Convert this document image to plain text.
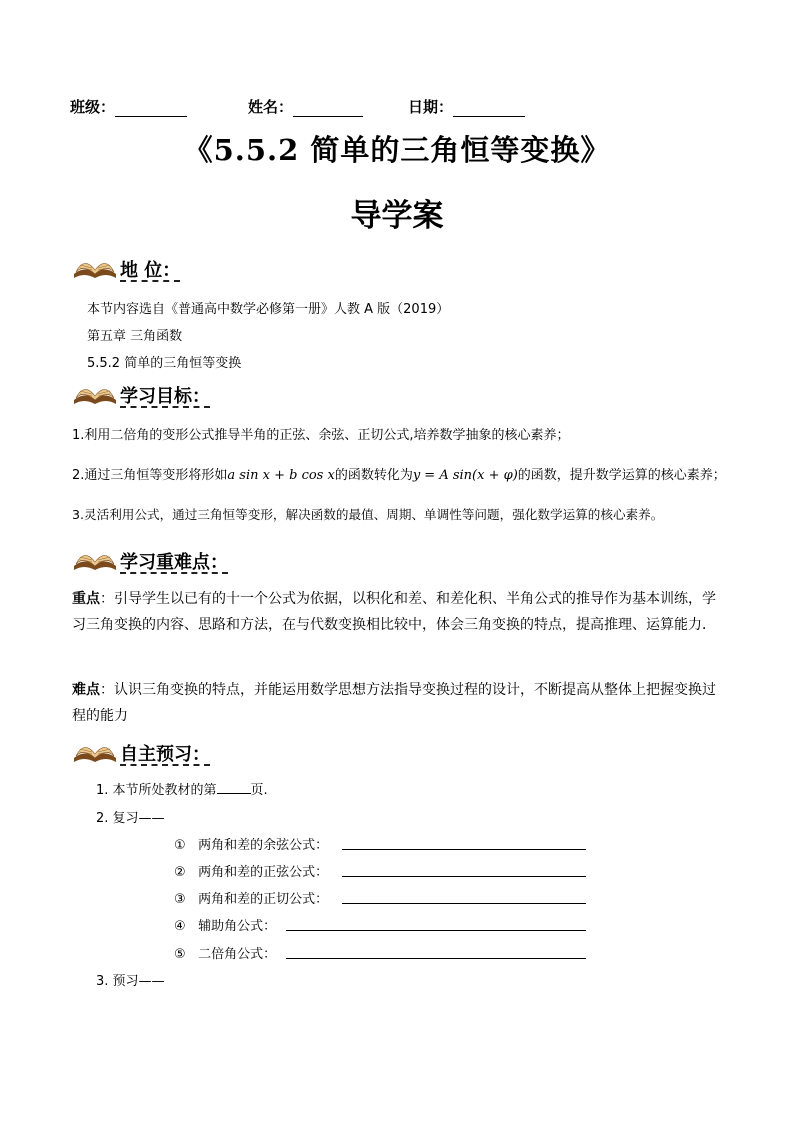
班级：	姓名：	日期：
《5.5.2 简单的三角恒等变换》
导学案
地 位：
本节内容选自《普通高中数学必修第一册》人教 A 版（2019）
第五章 三角函数
5.5.2 简单的三角恒等变换
学习目标：
1.利用二倍角的变形公式推导半角的正弦、余弦、正切公式,培养数学抽象的核心素养；
2.通过三角恒等变形将形如a sin x + b cos x的函数转化为y = A sin(x + φ)的函数，提升数学运算的核心素养；
3.灵活利用公式，通过三角恒等变形，解决函数的最值、周期、单调性等问题，强化数学运算的核心素养。
学习重难点：
重点：引导学生以已有的十一个公式为依据，以积化和差、和差化积、半角公式的推导作为基本训练，学习三角变换的内容、思路和方法，在与代数变换相比较中，体会三角变换的特点，提高推理、运算能力．
难点：认识三角变换的特点，并能运用数学思想方法指导变换过程的设计，不断提高从整体上把握变换过程的能力
自主预习：
1. 本节所处教材的第	页.
2. 复习——
① 两角和差的余弦公式：
② 两角和差的正弦公式：
③ 两角和差的正切公式：
④ 辅助角公式：
⑤ 二倍角公式：
3. 预习——
